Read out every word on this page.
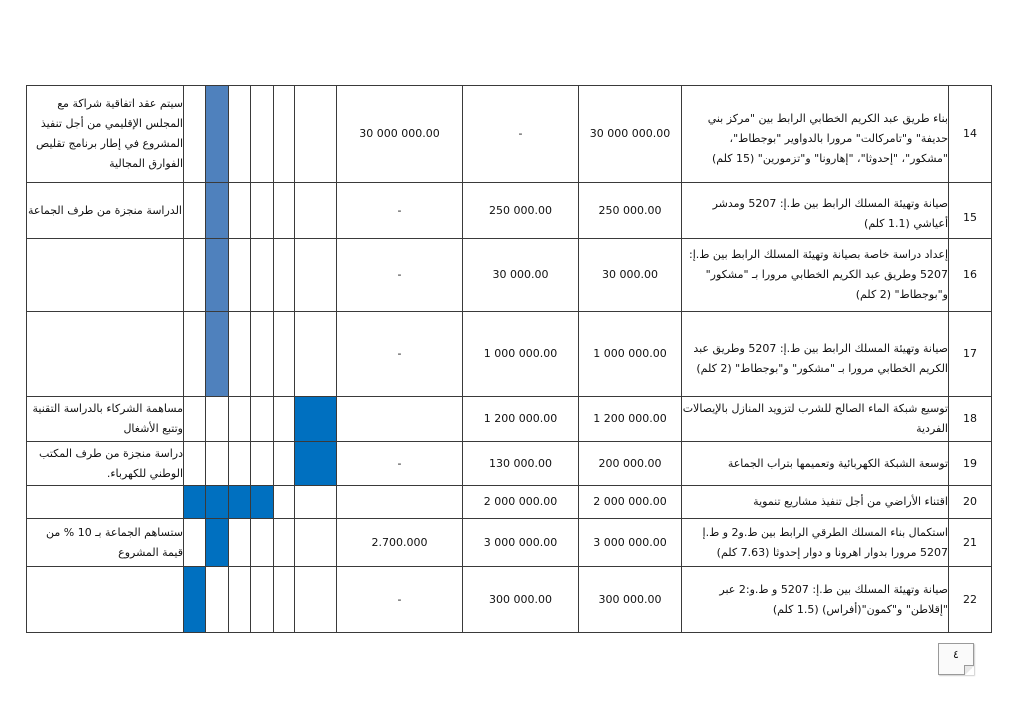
سيتم عقد اتفاقية شراكة مع المجلس الإقليمي من أجل تنفيذ المشروع في إطار برنامج تقليص الفوارق المجالية							30 000 000.00	-	30 000 000.00	بناء طريق عبد الكريم الخطابي الرابط بين "مركز بني حديفة" و"تامركالت" مرورا بالدواوير "بوجطاط"، "مشكور"، "إحدوثا"، "إهارونا" و"تزمورين" (15 كلم)	14
الدراسة منجزة من طرف الجماعة							-	250 000.00	250 000.00	صيانة وتهيئة المسلك الرابط بين ط.إ: 5207 ومدشر أعياشي (1.1 كلم)	15
							-	30 000.00	30 000.00	إعداد دراسة خاصة بصيانة وتهيئة المسلك الرابط بين ط.إ: 5207 وطريق عبد الكريم الخطابي مرورا بـ "مشكور" و"بوجطاط" (2 كلم)	16
							-	1 000 000.00	1 000 000.00	صيانة وتهيئة المسلك الرابط بين ط.إ: 5207 وطريق عبد الكريم الخطابي مرورا بـ "مشكور" و"بوجطاط" (2 كلم)	17
مساهمة الشركاء بالدراسة التقنية وتتبع الأشغال								1 200 000.00	1 200 000.00	توسيع شبكة الماء الصالح للشرب لتزويد المنازل بالإيصالات الفردية	18
دراسة منجزة من طرف المكتب الوطني للكهرباء.							-	130 000.00	200 000.00	توسعة الشبكة الكهربائية وتعميمها بتراب الجماعة	19
								2 000 000.00	2 000 000.00	اقتناء الأراضي من أجل تنفيذ مشاريع تنموية	20
ستساهم الجماعة بـ 10 % من قيمة المشروع							2.700.000	3 000 000.00	3 000 000.00	استكمال بناء المسلك الطرقي الرابط بين ط.و2 و ط.إ 5207 مرورا بدوار اهرونا و دوار إحدوثا (7.63 كلم)	21
							-	300 000.00	300 000.00	صيانة وتهيئة المسلك بين ط.إ: 5207 و ط.و:2 عبر "إقلاطن" و"كمون"(أفراس) (1.5 كلم)	22
٤
